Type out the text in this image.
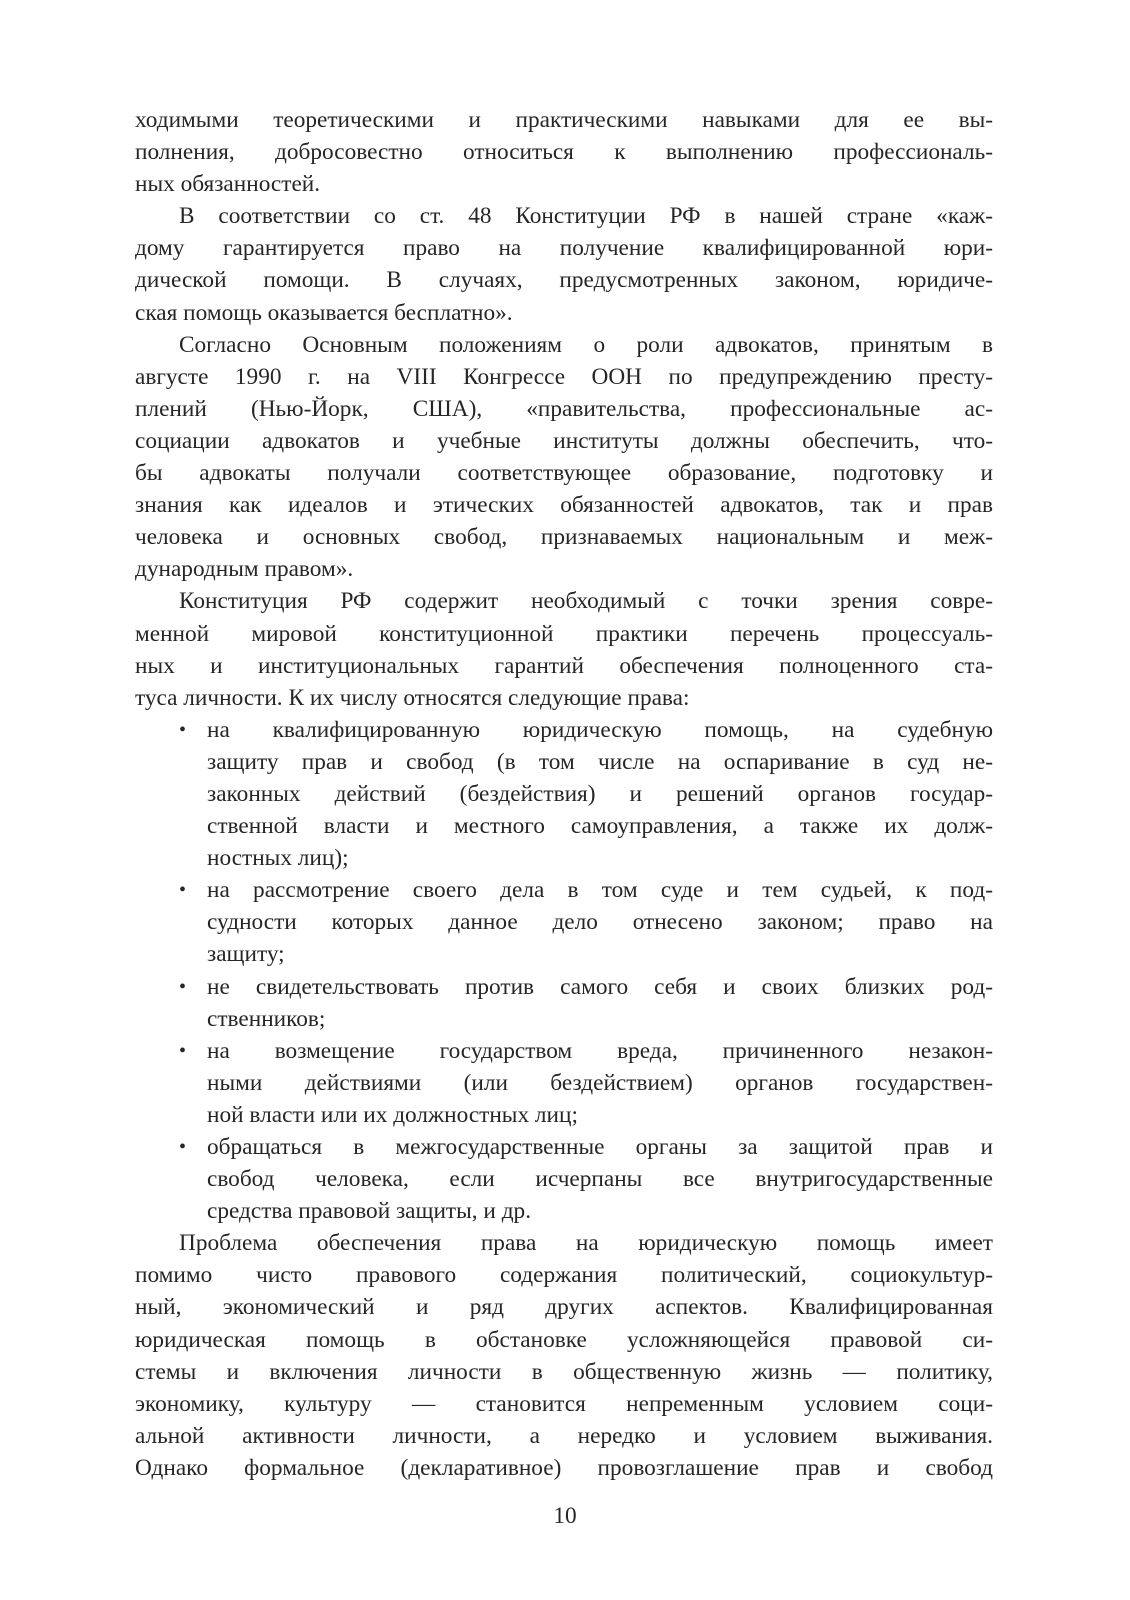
ходимыми теоретическими и практическими навыками для ее вы-
полнения, добросовестно относиться к выполнению профессиональ-
ных обязанностей.
В соответствии со ст. 48 Конституции РФ в нашей стране «каж-
дому гарантируется право на получение квалифицированной юри-
дической помощи. В случаях, предусмотренных законом, юридиче-
ская помощь оказывается бесплатно».
Согласно Основным положениям о роли адвокатов, принятым в
августе 1990 г. на VIII Конгрессе ООН по предупреждению престу-
плений (Нью-Йорк, США), «правительства, профессиональные ас-
социации адвокатов и учебные институты должны обеспечить, что-
бы адвокаты получали соответствующее образование, подготовку и
знания как идеалов и этических обязанностей адвокатов, так и прав
человека и основных свобод, признаваемых национальным и меж-
дународным правом».
Конституция РФ содержит необходимый с точки зрения совре-
менной мировой конституционной практики перечень процессуаль-
ных и институциональных гарантий обеспечения полноценного ста-
туса личности. К их числу относятся следующие права:
• на квалифицированную юридическую помощь, на судебную
защиту прав и свобод (в том числе на оспаривание в суд не-
законных действий (бездействия) и решений органов государ-
ственной власти и местного самоуправления, а также их долж-
ностных лиц);
• на рассмотрение своего дела в том суде и тем судьей, к под-
судности которых данное дело отнесено законом; право на
защиту;
• не свидетельствовать против самого себя и своих близких род-
ственников;
• на возмещение государством вреда, причиненного незакон-
ными действиями (или бездействием) органов государствен-
ной власти или их должностных лиц;
• обращаться в межгосударственные органы за защитой прав и
свобод человека, если исчерпаны все внутригосударственные
средства правовой защиты, и др.
Проблема обеспечения права на юридическую помощь имеет
помимо чисто правового содержания политический, социокультур-
ный, экономический и ряд других аспектов. Квалифицированная
юридическая помощь в обстановке усложняющейся правовой си-
стемы и включения личности в общественную жизнь — политику,
экономику, культуру — становится непременным условием соци-
альной активности личности, а нередко и условием выживания.
Однако формальное (декларативное) провозглашение прав и свобод
10
